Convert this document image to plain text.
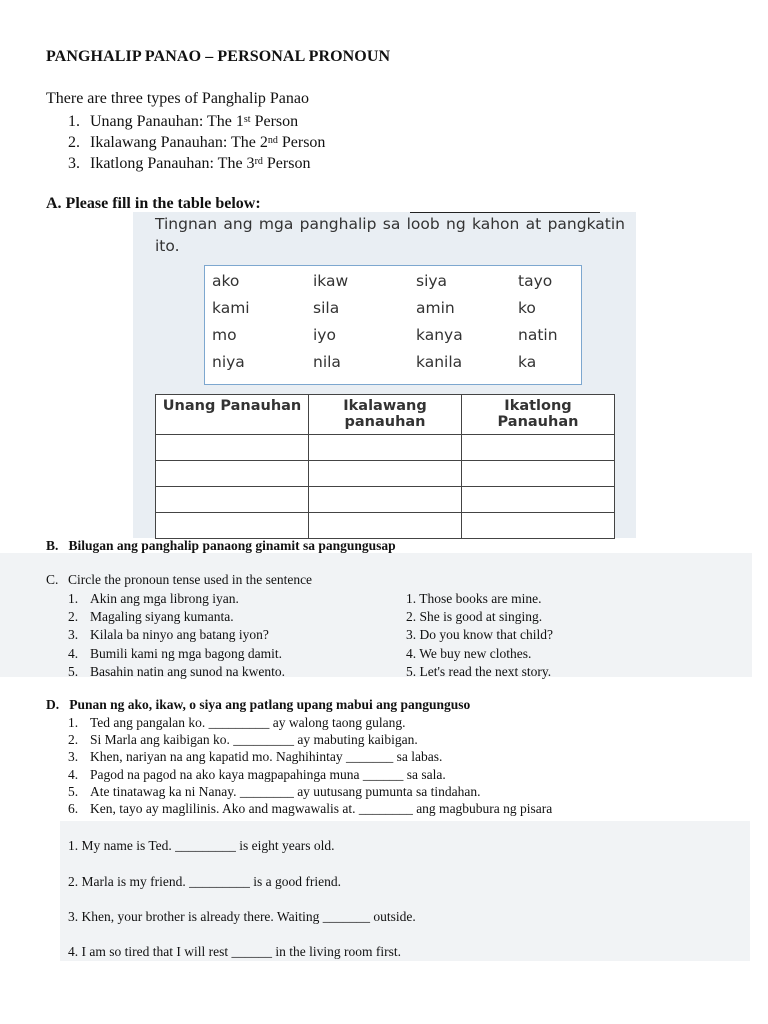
PANGHALIP PANAO – PERSONAL PRONOUN
There are three types of Panghalip Panao
1. Unang Panauhan: The 1st Person
2. Ikalawang Panauhan: The 2nd Person
3. Ikatlong Panauhan: The 3rd Person
A. Please fill in the table below:
Tingnan ang mga panghalip sa loob ng kahon at pangkatin ito.
ako	ikaw	siya	tayo
kami	sila	amin	ko
mo	iyo	kanya	natin
niya	nila	kanila	ka
Unang Panauhan	Ikalawang panauhan	Ikatlong Panauhan

B.   Bilugan ang panghalip panaong ginamit sa pangungusap
C. Circle the pronoun tense used in the sentence
1. Akin ang mga librong iyan.
2. Magaling siyang kumanta.
3. Kilala ba ninyo ang batang iyon?
4. Bumili kami ng mga bagong damit.
5. Basahin natin ang sunod na kwento.
1. Those books are mine.
2. She is good at singing.
3. Do you know that child?
4. We buy new clothes.
5. Let's read the next story.
D.   Punan ng ako, ikaw, o siya ang patlang upang mabui ang pangunguso
1. Ted ang pangalan ko. _________ ay walong taong gulang.
2. Si Marla ang kaibigan ko. _________ ay mabuting kaibigan.
3. Khen, nariyan na ang kapatid mo. Naghihintay _______ sa labas.
4. Pagod na pagod na ako kaya magpapahinga muna ______ sa sala.
5. Ate tinatawag ka ni Nanay. ________ ay uutusang pumunta sa tindahan.
6. Ken, tayo ay maglilinis. Ako and magwawalis at. ________ ang magbubura ng pisara
1. My name is Ted. _________ is eight years old.
2. Marla is my friend. _________ is a good friend.
3. Khen, your brother is already there. Waiting _______ outside.
4. I am so tired that I will rest ______ in the living room first.
